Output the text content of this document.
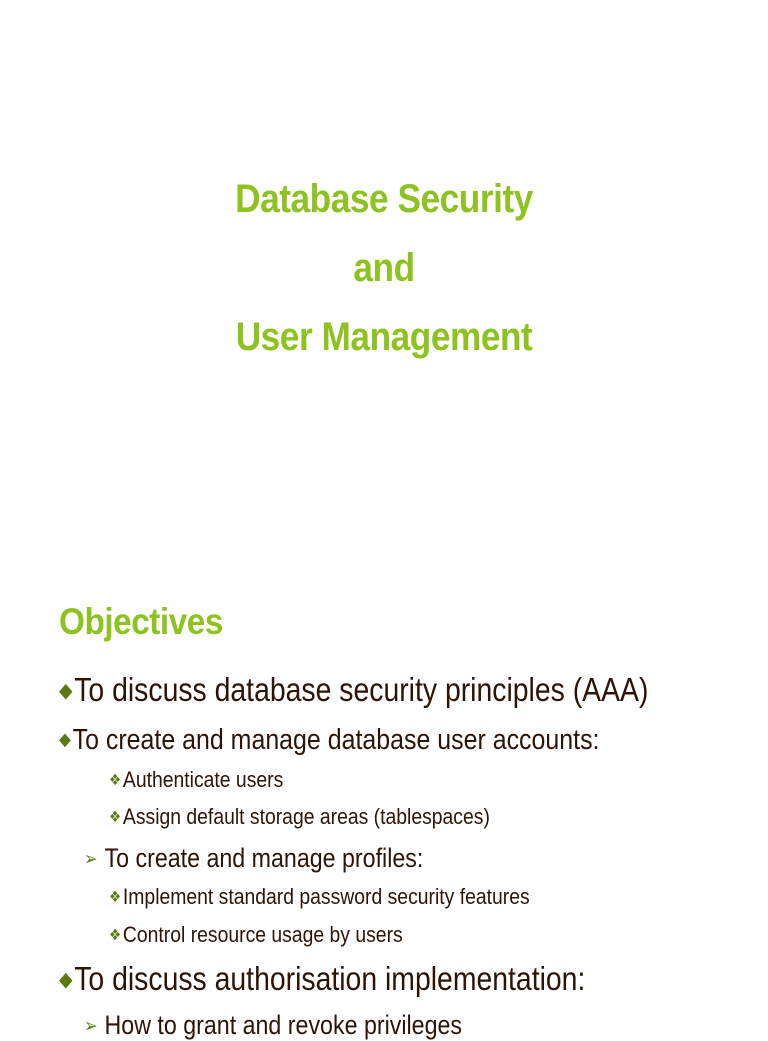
Database Security
and
User Management
Objectives
◆To discuss database security principles (AAA)
◆To create and manage database user accounts:
❖Authenticate users
❖Assign default storage areas (tablespaces)
➢ To create and manage profiles:
❖Implement standard password security features
❖Control resource usage by users
◆To discuss authorisation implementation:
➢ How to grant and revoke privileges
